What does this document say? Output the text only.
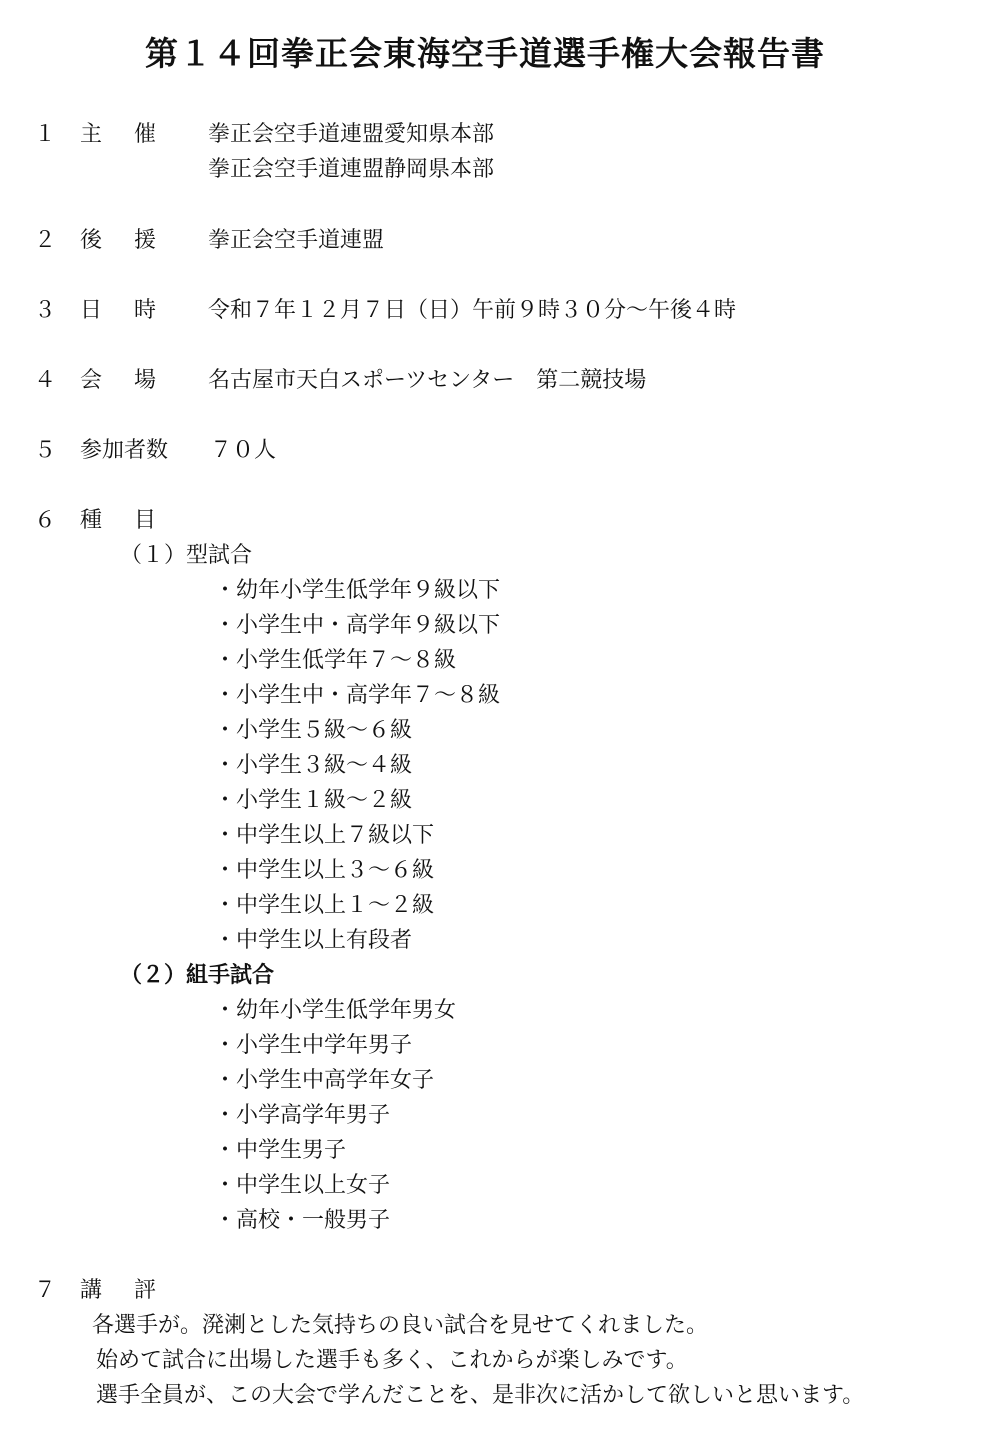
第１４回拳正会東海空手道選手権大会報告書
１ 主 催 拳正会空手道連盟愛知県本部
拳正会空手道連盟静岡県本部
２ 後 援 拳正会空手道連盟
３ 日 時 令和７年１２月７日（日）午前９時３０分～午後４時
４ 会 場 名古屋市天白スポーツセンター　第二競技場
５ 参加者数 ７０人
６ 種 目
（１）型試合
・幼年小学生低学年９級以下
・小学生中・高学年９級以下
・小学生低学年７～８級
・小学生中・高学年７～８級
・小学生５級～６級
・小学生３級～４級
・小学生１級～２級
・中学生以上７級以下
・中学生以上３～６級
・中学生以上１～２級
・中学生以上有段者
（２）組手試合
・幼年小学生低学年男女
・小学生中学年男子
・小学生中高学年女子
・小学高学年男子
・中学生男子
・中学生以上女子
・高校・一般男子
７ 講 評
各選手が。溌溂とした気持ちの良い試合を見せてくれました。
始めて試合に出場した選手も多く、これからが楽しみです。
選手全員が、この大会で学んだことを、是非次に活かして欲しいと思います。
